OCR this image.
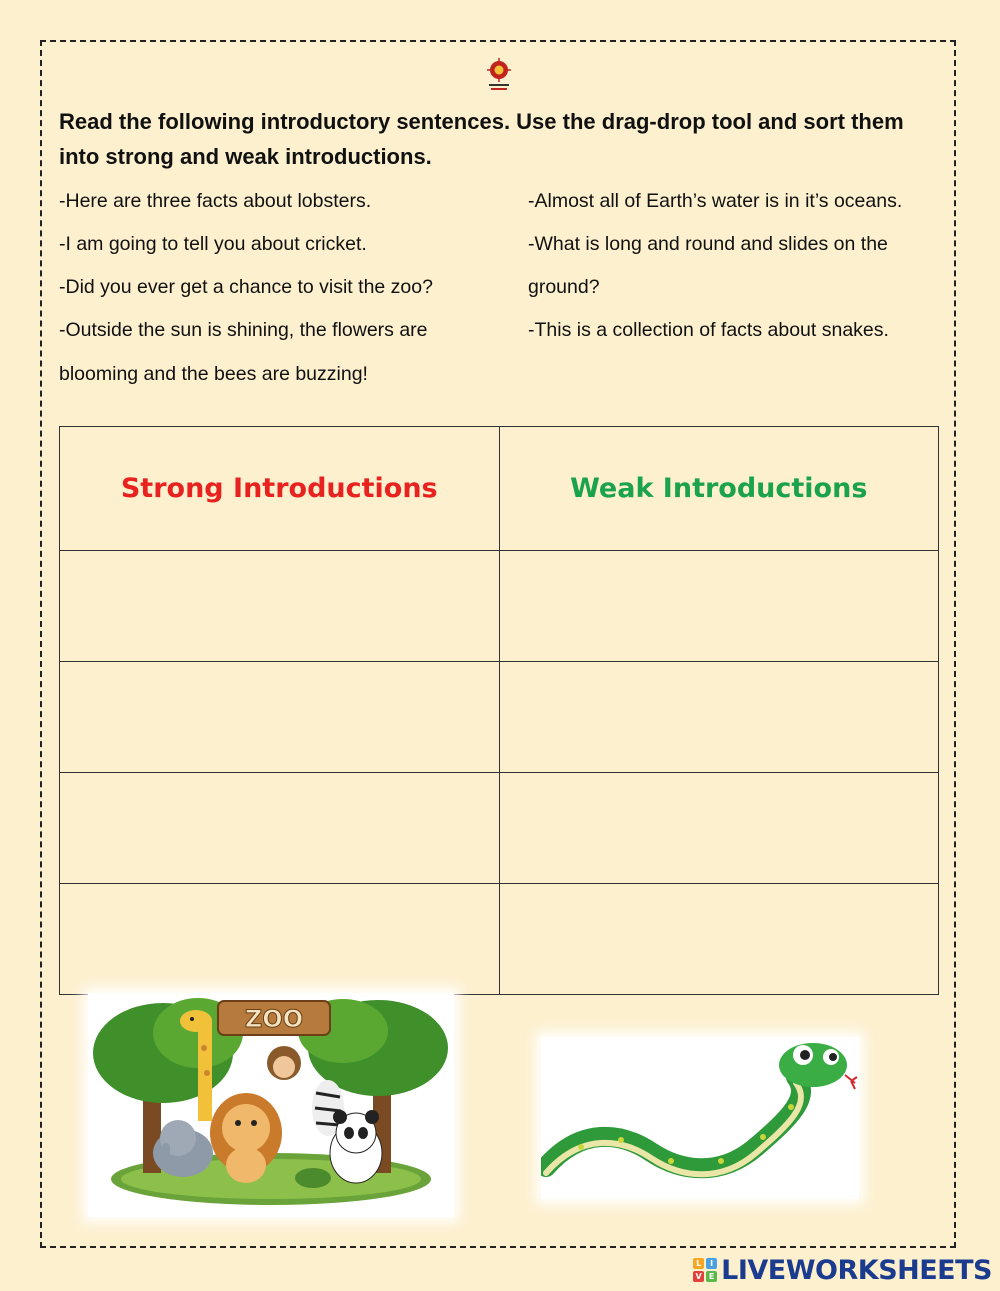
Read the following introductory sentences. Use the drag-drop tool and sort them into strong and weak introductions.

-Here are three facts about lobsters.

-I am going to tell you about cricket.

-Did you ever get a chance to visit the zoo?

-Outside the sun is shining, the flowers are

blooming and the bees are buzzing!

-Almost all of Earth’s water is in it’s oceans.

-What is long and round and slides on the

ground?

-This is a collection of facts about snakes.

Strong Introductions	Weak Introductions

ZOO
L	I
V E LIVEWORKSHEETS
